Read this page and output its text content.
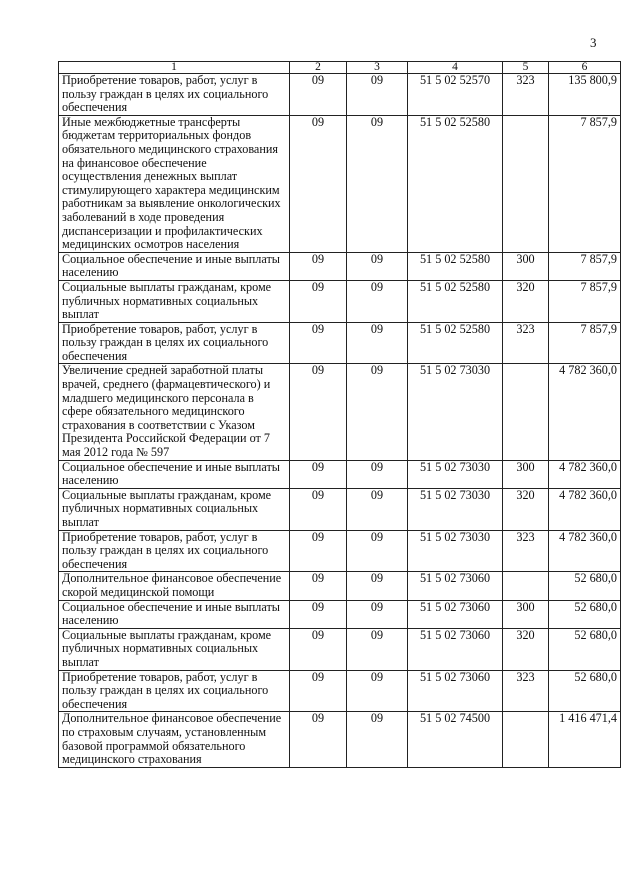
3
1	2	3	4	5	6
Приобретение товаров, работ, услуг в пользу граждан в целях их социального обеспечения	09	09	51 5 02 52570	323	135 800,9
Иные межбюджетные трансферты бюджетам территориальных фондов обязательного медицинского страхования на финансовое обеспечение осуществления денежных выплат стимулирующего характера медицинским работникам за выявление онкологических заболеваний в ходе проведения диспансеризации и профилактических медицинских осмотров населения	09	09	51 5 02 52580		7 857,9
Социальное обеспечение и иные выплаты населению	09	09	51 5 02 52580	300	7 857,9
Социальные выплаты гражданам, кроме публичных нормативных социальных выплат	09	09	51 5 02 52580	320	7 857,9
Приобретение товаров, работ, услуг в пользу граждан в целях их социального обеспечения	09	09	51 5 02 52580	323	7 857,9
Увеличение средней заработной платы врачей, среднего (фармацевтического) и младшего медицинского персонала в сфере обязательного медицинского страхования в соответствии с Указом Президента Российской Федерации от 7 мая 2012 года № 597	09	09	51 5 02 73030		4 782 360,0
Социальное обеспечение и иные выплаты населению	09	09	51 5 02 73030	300	4 782 360,0
Социальные выплаты гражданам, кроме публичных нормативных социальных выплат	09	09	51 5 02 73030	320	4 782 360,0
Приобретение товаров, работ, услуг в пользу граждан в целях их социального обеспечения	09	09	51 5 02 73030	323	4 782 360,0
Дополнительное финансовое обеспечение скорой медицинской помощи	09	09	51 5 02 73060		52 680,0
Социальное обеспечение и иные выплаты населению	09	09	51 5 02 73060	300	52 680,0
Социальные выплаты гражданам, кроме публичных нормативных социальных выплат	09	09	51 5 02 73060	320	52 680,0
Приобретение товаров, работ, услуг в пользу граждан в целях их социального обеспечения	09	09	51 5 02 73060	323	52 680,0
Дополнительное финансовое обеспечение по страховым случаям, установленным базовой программой обязательного медицинского страхования	09	09	51 5 02 74500		1 416 471,4
